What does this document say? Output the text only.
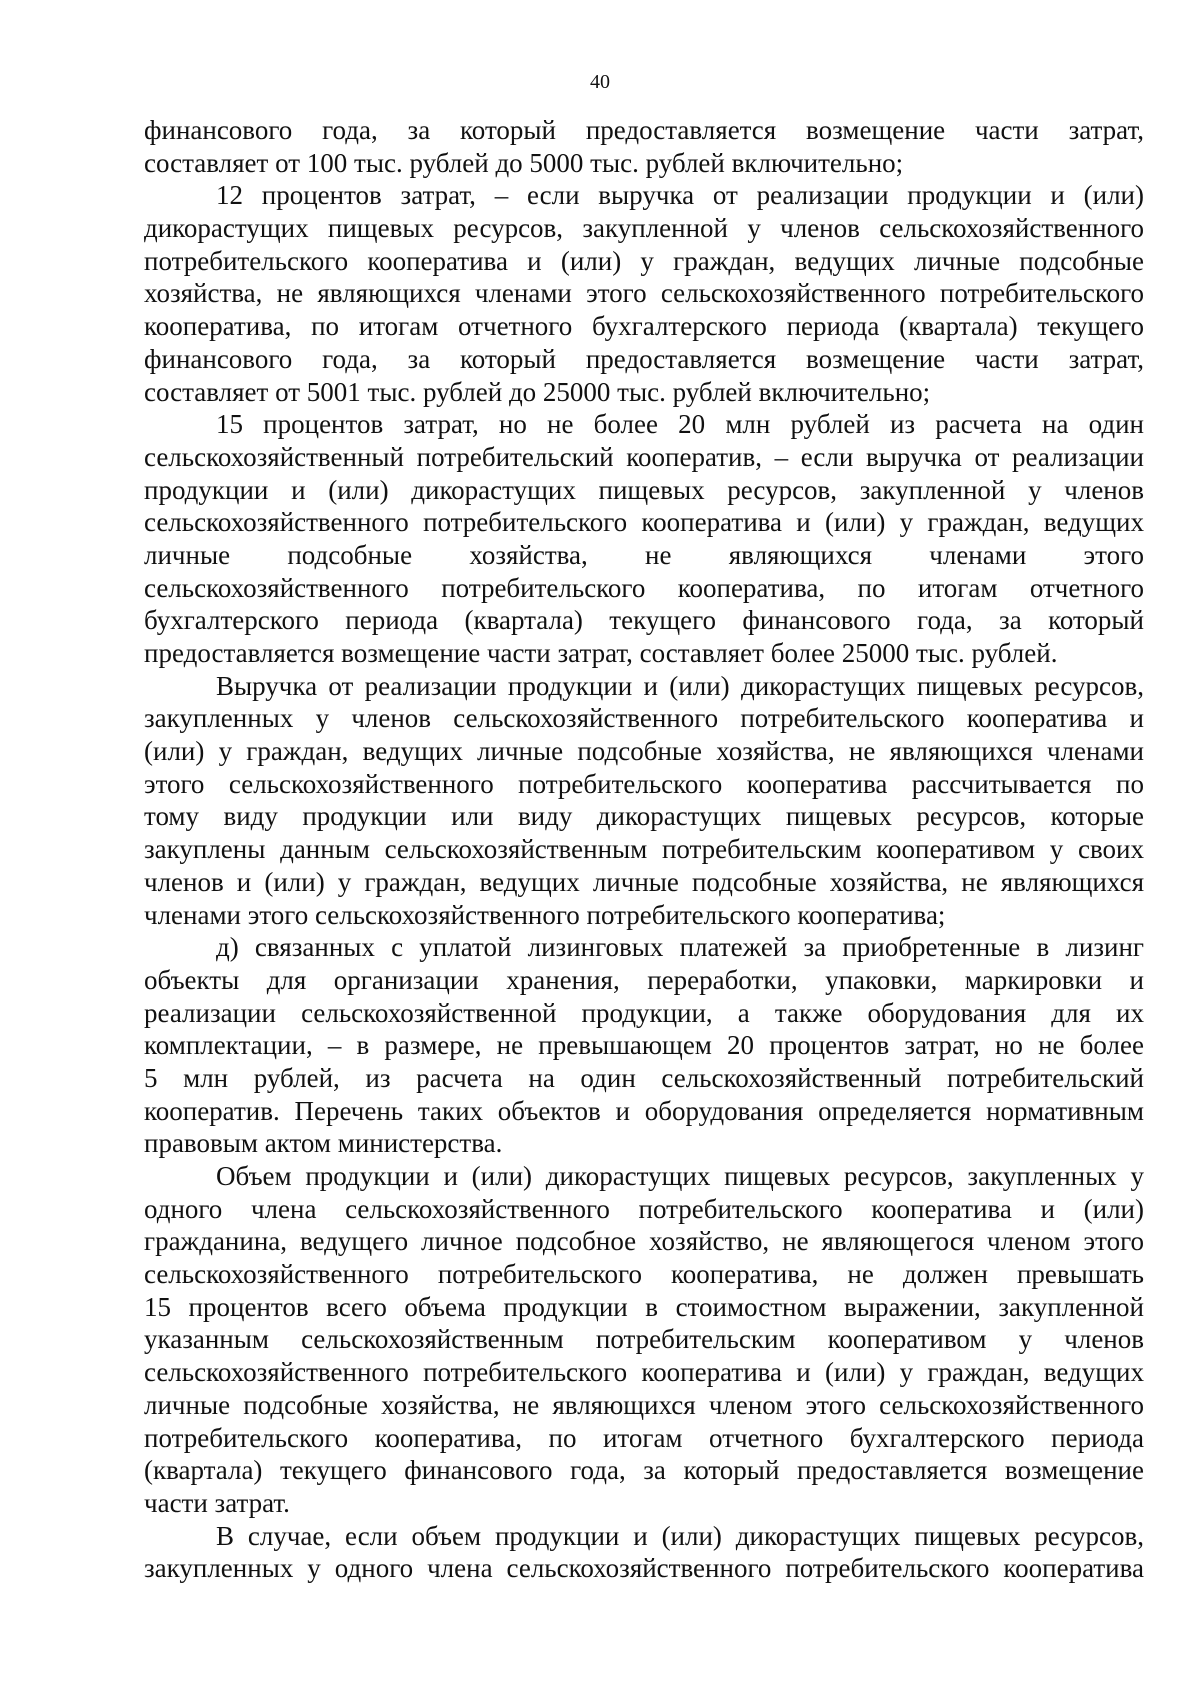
40
финансового года, за который предоставляется возмещение части затрат,
составляет от 100 тыс. рублей до 5000 тыс. рублей включительно;
12 процентов затрат, – если выручка от реализации продукции и (или)
дикорастущих пищевых ресурсов, закупленной у членов сельскохозяйственного
потребительского кооператива и (или) у граждан, ведущих личные подсобные
хозяйства, не являющихся членами этого сельскохозяйственного потребительского
кооператива, по итогам отчетного бухгалтерского периода (квартала) текущего
финансового года, за который предоставляется возмещение части затрат,
составляет от 5001 тыс. рублей до 25000 тыс. рублей включительно;
15 процентов затрат, но не более 20 млн рублей из расчета на один
сельскохозяйственный потребительский кооператив, – если выручка от реализации
продукции и (или) дикорастущих пищевых ресурсов, закупленной у членов
сельскохозяйственного потребительского кооператива и (или) у граждан, ведущих
личные подсобные хозяйства, не являющихся членами этого
сельскохозяйственного потребительского кооператива, по итогам отчетного
бухгалтерского периода (квартала) текущего финансового года, за который
предоставляется возмещение части затрат, составляет более 25000 тыс. рублей.
Выручка от реализации продукции и (или) дикорастущих пищевых ресурсов,
закупленных у членов сельскохозяйственного потребительского кооператива и
(или) у граждан, ведущих личные подсобные хозяйства, не являющихся членами
этого сельскохозяйственного потребительского кооператива рассчитывается по
тому виду продукции или виду дикорастущих пищевых ресурсов, которые
закуплены данным сельскохозяйственным потребительским кооперативом у своих
членов и (или) у граждан, ведущих личные подсобные хозяйства, не являющихся
членами этого сельскохозяйственного потребительского кооператива;
д) связанных с уплатой лизинговых платежей за приобретенные в лизинг
объекты для организации хранения, переработки, упаковки, маркировки и
реализации сельскохозяйственной продукции, а также оборудования для их
комплектации, – в размере, не превышающем 20 процентов затрат, но не более
5 млн рублей, из расчета на один сельскохозяйственный потребительский
кооператив. Перечень таких объектов и оборудования определяется нормативным
правовым актом министерства.
Объем продукции и (или) дикорастущих пищевых ресурсов, закупленных у
одного члена сельскохозяйственного потребительского кооператива и (или)
гражданина, ведущего личное подсобное хозяйство, не являющегося членом этого
сельскохозяйственного потребительского кооператива, не должен превышать
15 процентов всего объема продукции в стоимостном выражении, закупленной
указанным сельскохозяйственным потребительским кооперативом у членов
сельскохозяйственного потребительского кооператива и (или) у граждан, ведущих
личные подсобные хозяйства, не являющихся членом этого сельскохозяйственного
потребительского кооператива, по итогам отчетного бухгалтерского периода
(квартала) текущего финансового года, за который предоставляется возмещение
части затрат.
В случае, если объем продукции и (или) дикорастущих пищевых ресурсов,
закупленных у одного члена сельскохозяйственного потребительского кооператива
